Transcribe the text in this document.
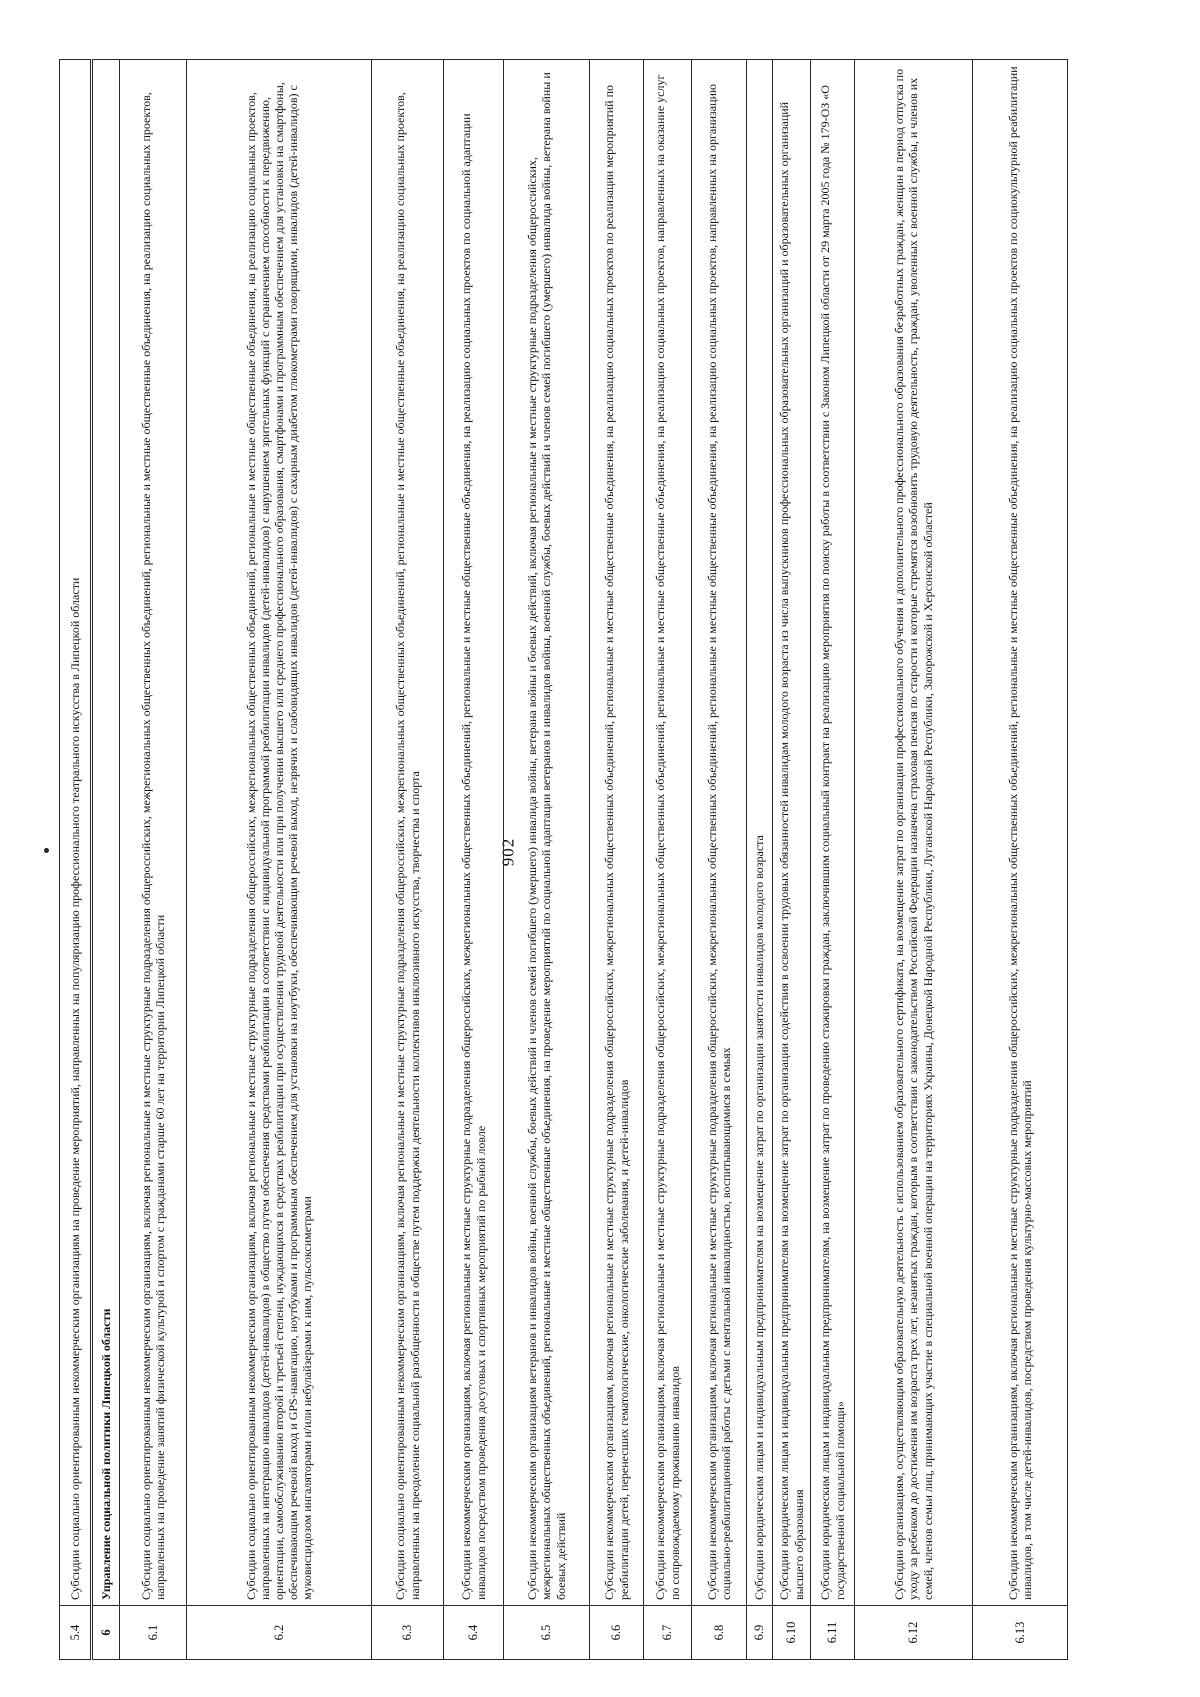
902
5.4	Субсидии социально ориентированным некоммерческим организациям на проведение мероприятий, направленных на популяризацию профессионального театрального искусства в Липецкой области
6	Управление социальной политики Липецкой области
6.1	Субсидии социально ориентированным некоммерческим организациям, включая региональные и местные структурные подразделения общероссийских, межрегиональных общественных объединений, региональные и местные общественные объединения, на реализацию социальных проектов, направленных на проведение занятий физической культурой и спортом с гражданами старше 60 лет на территории Липецкой области
6.2	Субсидии социально ориентированным некоммерческим организациям, включая региональные и местные структурные подразделения общероссийских, межрегиональных общественных объединений, региональные и местные общественные объединения, на реализацию социальных проектов, направленных на интеграцию инвалидов (детей-инвалидов) в общество путем обеспечения средствами реабилитации в соответствии с индивидуальной программой реабилитации инвалидов (детей-инвалидов) с нарушением зрительных функций с ограничением способности к передвижению, ориентации, самообслуживанию второй и третьей степени, нуждающихся в средствах реабилитации при осуществлении трудовой деятельности или при получении высшего или среднего профессионального образования, смартфонами и программным обеспечением для установки на смартфоны, обеспечивающим речевой выход и GPS-навигацию, ноутбуками и программным обеспечением для установки на ноутбуки, обеспечивающим речевой выход, незрячих и слабовидящих инвалидов (детей-инвалидов) с сахарным диабетом глюкометрами говорящими, инвалидов (детей-инвалидов) с муковисцидозом ингаляторами и/или небулайзерами к ним, пульсоксиметрами
6.3	Субсидии социально ориентированным некоммерческим организациям, включая региональные и местные структурные подразделения общероссийских, межрегиональных общественных объединений, региональные и местные общественные объединения, на реализацию социальных проектов, направленных на преодоление социальной разобщенности в обществе путем поддержки деятельности коллективов инклюзивного искусства, творчества и спорта
6.4	Субсидии некоммерческим организациям, включая региональные и местные структурные подразделения общероссийских, межрегиональных общественных объединений, региональные и местные общественные объединения, на реализацию социальных проектов по социальной адаптации инвалидов посредством проведения досуговых и спортивных мероприятий по рыбной ловле
6.5	Субсидии некоммерческим организациям ветеранов и инвалидов войны, военной службы, боевых действий и членов семей погибшего (умершего) инвалида войны, ветерана войны и боевых действий, включая региональные и местные структурные подразделения общероссийских, межрегиональных общественных объединений, региональные и местные общественные объединения, на проведение мероприятий по социальной адаптации ветеранов и инвалидов войны, военной службы, боевых действий и членов семей погибшего (умершего) инвалида войны, ветерана войны и боевых действий
6.6	Субсидии некоммерческим организациям, включая региональные и местные структурные подразделения общероссийских, межрегиональных общественных объединений, региональные и местные общественные объединения, на реализацию социальных проектов по реализации мероприятий по реабилитации детей, перенесших гематологические, онкологические заболевания, и детей-инвалидов
6.7	Субсидии некоммерческим организациям, включая региональные и местные структурные подразделения общероссийских, межрегиональных общественных объединений, региональные и местные общественные объединения, на реализацию социальных проектов, направленных на оказание услуг по сопровождаемому проживанию инвалидов
6.8	Субсидии некоммерческим организациям, включая региональные и местные структурные подразделения общероссийских, межрегиональных общественных объединений, региональные и местные общественные объединения, на реализацию социальных проектов, направленных на организацию социально-реабилитационной работы с детьми с ментальной инвалидностью, воспитывающимися в семьях
6.9	Субсидии юридическим лицам и индивидуальным предпринимателям на возмещение затрат по организации занятости инвалидов молодого возраста
6.10	Субсидии юридическим лицам и индивидуальным предпринимателям на возмещение затрат по организации содействия в освоении трудовых обязанностей инвалидам молодого возраста из числа выпускников профессиональных образовательных организаций и образовательных организаций высшего образования
6.11	Субсидии юридическим лицам и индивидуальным предпринимателям, на возмещение затрат по проведению стажировки граждан, заключившим социальный контракт на реализацию мероприятия по поиску работы в соответствии с Законом Липецкой области от 29 марта 2005 года № 179-ОЗ «О государственной социальной помощи»
6.12	Субсидии организациям, осуществляющим образовательную деятельность с использованием образовательного сертификата, на возмещение затрат по организации профессионального обучения и дополнительного профессионального образования безработных граждан, женщин в период отпуска по уходу за ребенком до достижения им возраста трех лет, незанятых граждан, которым в соответствии с законодательством Российской Федерации назначена страховая пенсия по старости и которые стремятся возобновить трудовую деятельность, граждан, уволенных с военной службы, и членов их семей, членов семьи лиц, принимающих участие в специальной военной операции на территориях Украины, Донецкой Народной Республики, Луганской Народной Республики, Запорожской и Херсонской областей
6.13	Субсидии некоммерческим организациям, включая региональные и местные структурные подразделения общероссийских, межрегиональных общественных объединений, региональные и местные общественные объединения, на реализацию социальных проектов по социокультурной реабилитации инвалидов, в том числе детей-инвалидов, посредством проведения культурно-массовых мероприятий
